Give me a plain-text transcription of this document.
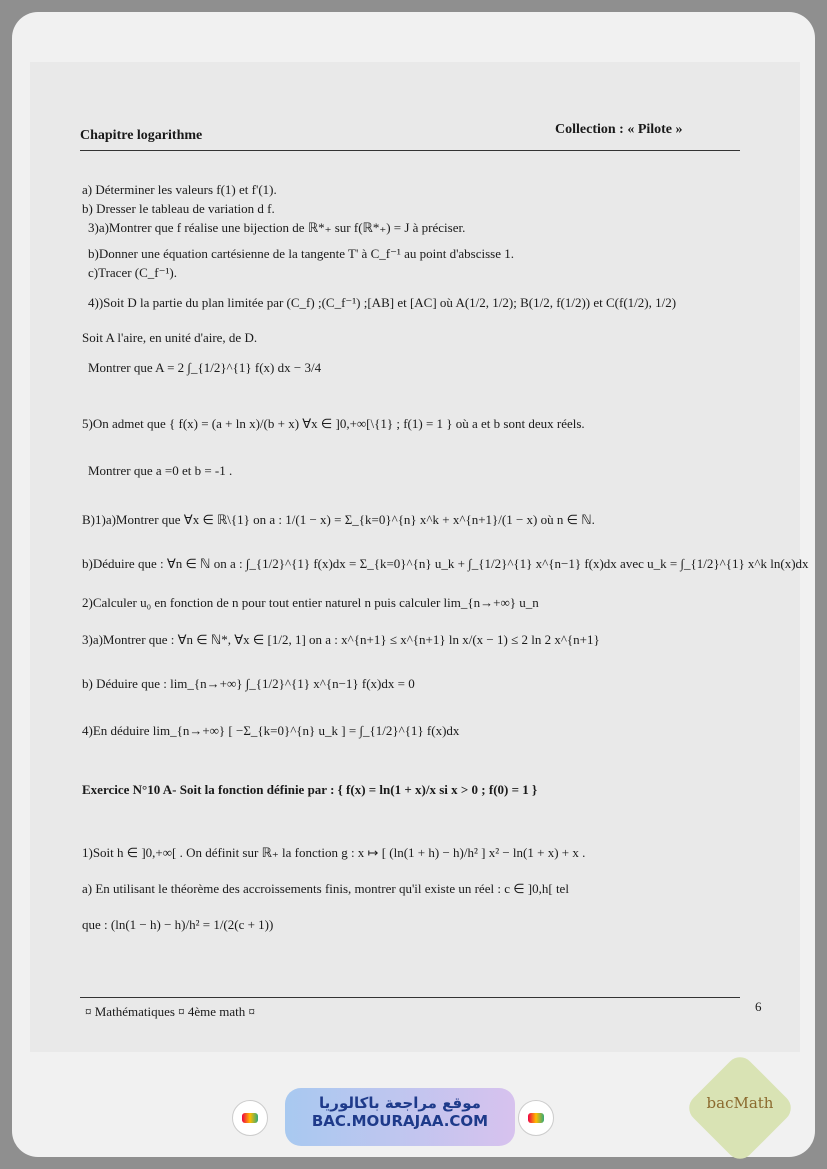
Chapitre logarithme	Collection : « Pilote »
a) Déterminer les valeurs f(1) et f'(1).
b) Dresser le tableau de variation d f.
3)a)Montrer que f réalise une bijection de ℝ*₊ sur f(ℝ*₊) = J à préciser.
b)Donner une équation cartésienne de la tangente T' à C_f⁻¹ au point d'abscisse 1.
c)Tracer (C_f⁻¹).
4))Soit D la partie du plan limitée par (C_f) ;(C_f⁻¹) ;[AB] et [AC] où A(1/2, 1/2); B(1/2, f(1/2)) et C(f(1/2), 1/2)
Soit A l'aire, en unité d'aire, de D.
Montrer que A = 2 ∫_{1/2}^{1} f(x) dx − 3/4
5)On admet que { f(x) = (a + ln x)/(b + x) ∀x ∈ ]0,+∞[\{1} ; f(1) = 1 } où a et b sont deux réels.
Montrer que a =0 et b = -1 .
B)1)a)Montrer que ∀x ∈ ℝ\{1} on a : 1/(1 − x) = Σ_{k=0}^{n} x^k + x^{n+1}/(1 − x) où n ∈ ℕ.
b)Déduire que : ∀n ∈ ℕ on a : ∫_{1/2}^{1} f(x)dx = Σ_{k=0}^{n} u_k + ∫_{1/2}^{1} x^{n−1} f(x)dx avec u_k = ∫_{1/2}^{1} x^k ln(x)dx
2)Calculer u₀ en fonction de n pour tout entier naturel n puis calculer lim_{n→+∞} u_n
3)a)Montrer que : ∀n ∈ ℕ*, ∀x ∈ [1/2, 1] on a : x^{n+1} ≤ x^{n+1} ln x/(x − 1) ≤ 2 ln 2 x^{n+1}
b) Déduire que : lim_{n→+∞} ∫_{1/2}^{1} x^{n−1} f(x)dx = 0
4)En déduire lim_{n→+∞} [ −Σ_{k=0}^{n} u_k ] = ∫_{1/2}^{1} f(x)dx
Exercice N°10 A- Soit la fonction définie par : { f(x) = ln(1 + x)/x si x > 0 ; f(0) = 1 }
1)Soit h ∈ ]0,+∞[ . On définit sur ℝ₊ la fonction g : x ↦ [ (ln(1 + h) − h)/h² ] x² − ln(1 + x) + x .
a) En utilisant le théorème des accroissements finis, montrer qu'il existe un réel : c ∈ ]0,h[ tel
que : (ln(1 − h) − h)/h² = 1/(2(c + 1))
¤ Mathématiques ¤ 4ème math ¤	6
موقع مراجعة باكالوريا
BAC.MOURAJAA.COM
bacMath
